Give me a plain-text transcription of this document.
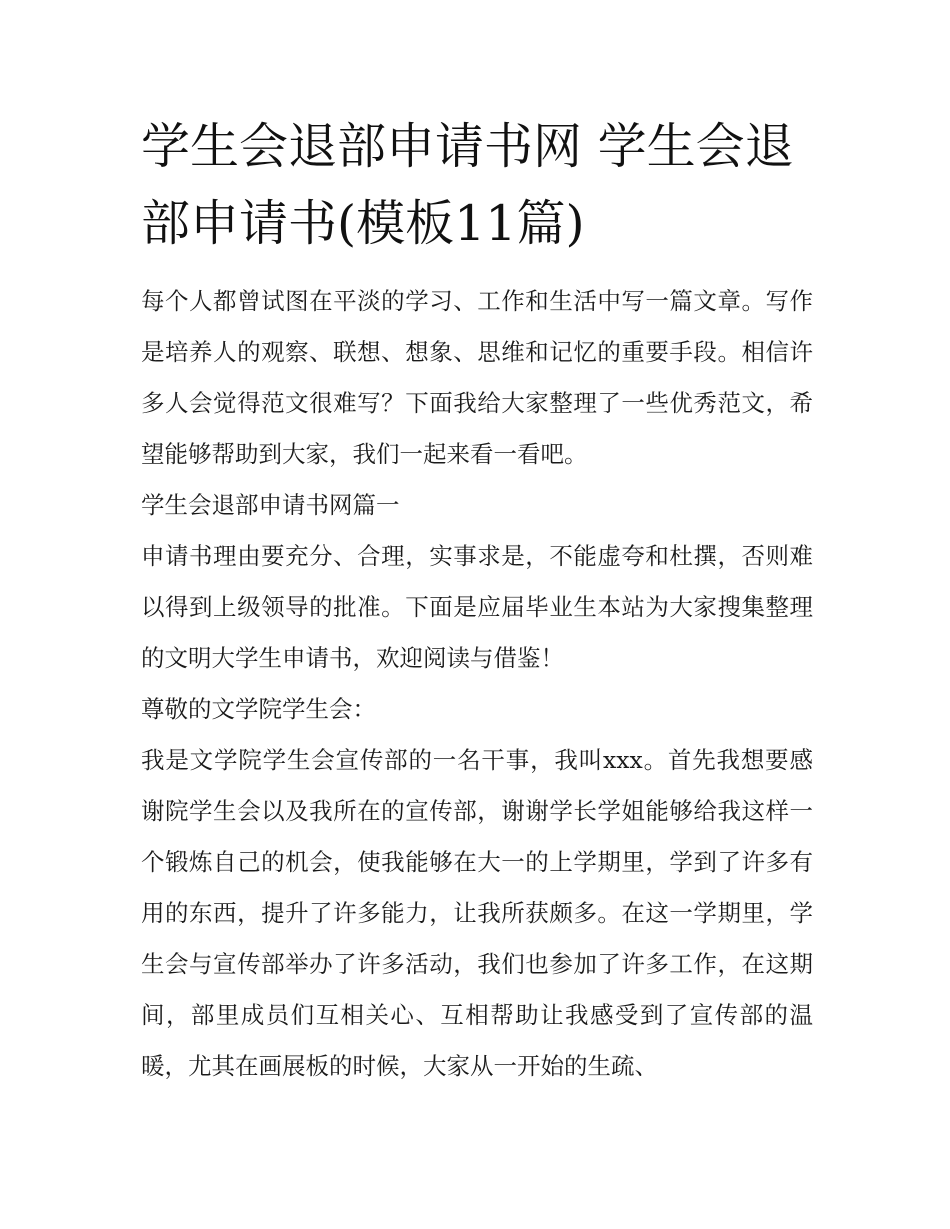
学生会退部申请书网 学生会退部申请书(模板11篇)

每个人都曾试图在平淡的学习、工作和生活中写一篇文章。写作是培养人的观察、联想、想象、思维和记忆的重要手段。相信许多人会觉得范文很难写？下面我给大家整理了一些优秀范文，希望能够帮助到大家，我们一起来看一看吧。

学生会退部申请书网篇一

申请书理由要充分、合理，实事求是，不能虚夸和杜撰，否则难以得到上级领导的批准。下面是应届毕业生本站为大家搜集整理的文明大学生申请书，欢迎阅读与借鉴！

尊敬的文学院学生会：

我是文学院学生会宣传部的一名干事，我叫xxx。首先我想要感谢院学生会以及我所在的宣传部，谢谢学长学姐能够给我这样一个锻炼自己的机会，使我能够在大一的上学期里，学到了许多有用的东西，提升了许多能力，让我所获颇多。在这一学期里，学生会与宣传部举办了许多活动，我们也参加了许多工作，在这期间，部里成员们互相关心、互相帮助让我感受到了宣传部的温暖，尤其在画展板的时候，大家从一开始的生疏、
